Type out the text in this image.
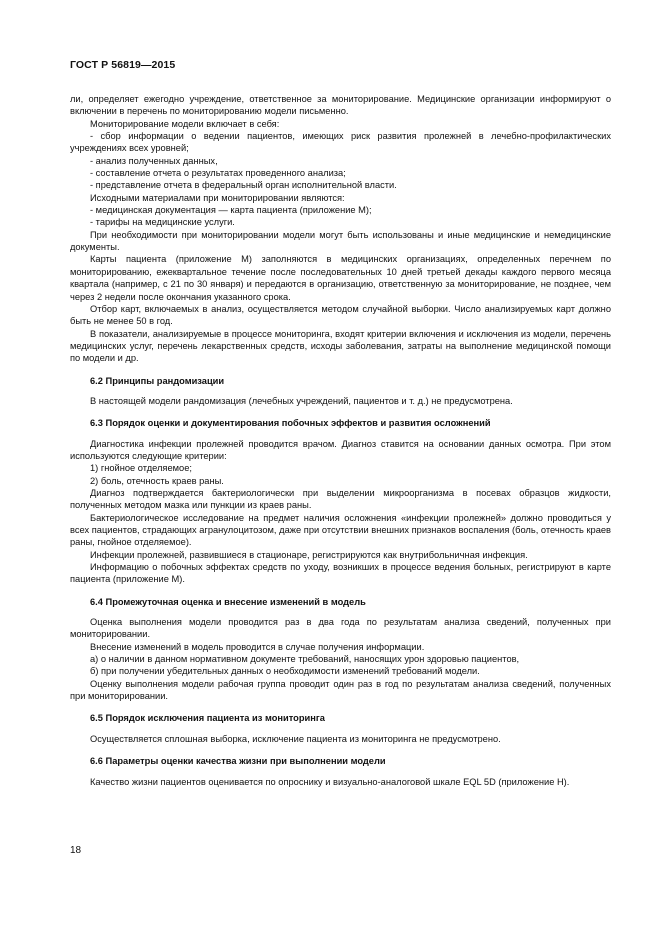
ГОСТ Р 56819—2015

ли, определяет ежегодно учреждение, ответственное за мониторирование. Медицинские организации информируют о включении в перечень по мониторированию модели письменно.

Мониторирование модели включает в себя:

- сбор информации о ведении пациентов, имеющих риск развития пролежней в лечебно-профилактических учреждениях всех уровней;

- анализ полученных данных,

- составление отчета о результатах проведенного анализа;

- представление отчета в федеральный орган исполнительной власти.

Исходными материалами при мониторировании являются:

- медицинская документация — карта пациента (приложение М);

- тарифы на медицинские услуги.

При необходимости при мониторировании модели могут быть использованы и иные медицинские и немедицинские документы.

Карты пациента (приложение М) заполняются в медицинских организациях, определенных перечнем по мониторированию, ежеквартальное течение после последовательных 10 дней третьей декады каждого первого месяца квартала (например, с 21 по 30 января) и передаются в организацию, ответственную за мониторирование, не позднее, чем через 2 недели после окончания указанного срока.

Отбор карт, включаемых в анализ, осуществляется методом случайной выборки. Число анализируемых карт должно быть не менее 50 в год.

В показатели, анализируемые в процессе мониторинга, входят критерии включения и исключения из модели, перечень медицинских услуг, перечень лекарственных средств, исходы заболевания, затраты на выполнение медицинской помощи по модели и др.

6.2 Принципы рандомизации

В настоящей модели рандомизация (лечебных учреждений, пациентов и т. д.) не предусмотрена.

6.3 Порядок оценки и документирования побочных эффектов и развития осложнений

Диагностика инфекции пролежней проводится врачом. Диагноз ставится на основании данных осмотра. При этом используются следующие критерии:

1) гнойное отделяемое;

2) боль, отечность краев раны.

Диагноз подтверждается бактериологически при выделении микроорганизма в посевах образцов жидкости, полученных методом мазка или пункции из краев раны.

Бактериологическое исследование на предмет наличия осложнения «инфекции пролежней» должно проводиться у всех пациентов, страдающих агранулоцитозом, даже при отсутствии внешних признаков воспаления (боль, отечность краев раны, гнойное отделяемое).

Инфекции пролежней, развившиеся в стационаре, регистрируются как внутрибольничная инфекция.

Информацию о побочных эффектах средств по уходу, возникших в процессе ведения больных, регистрируют в карте пациента (приложение М).

6.4 Промежуточная оценка и внесение изменений в модель

Оценка выполнения модели проводится раз в два года по результатам анализа сведений, полученных при мониторировании.

Внесение изменений в модель проводится в случае получения информации.

а) о наличии в данном нормативном документе требований, наносящих урон здоровью пациентов,

б) при получении убедительных данных о необходимости изменений требований модели.

Оценку выполнения модели рабочая группа проводит один раз в год по результатам анализа сведений, полученных при мониторировании.

6.5 Порядок исключения пациента из мониторинга

Осуществляется сплошная выборка, исключение пациента из мониторинга не предусмотрено.

6.6 Параметры оценки качества жизни при выполнении модели

Качество жизни пациентов оценивается по опроснику и визуально-аналоговой шкале EQL 5D (приложение Н).

18
